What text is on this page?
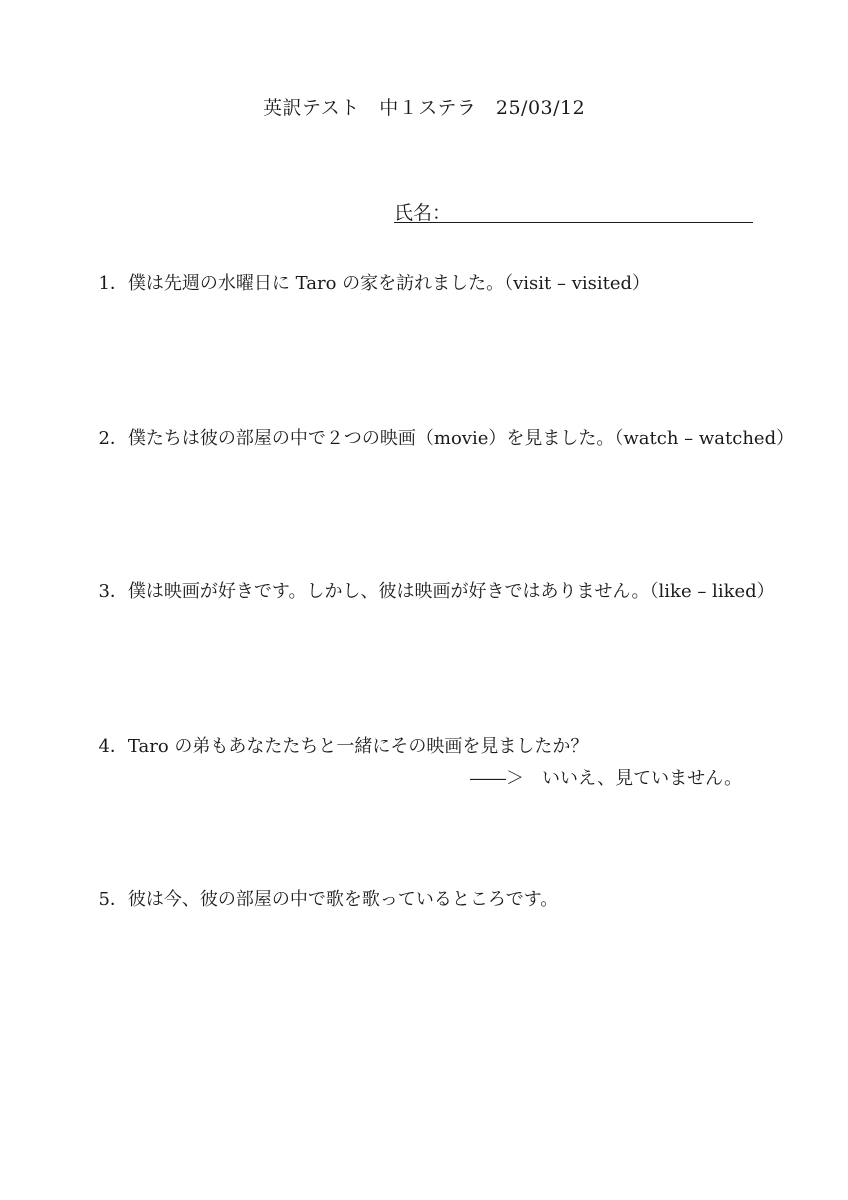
英訳テスト　中１ステラ　25/03/12
氏名：

1．僕は先週の水曜日に Taro の家を訪れました。（visit – visited）

2．僕たちは彼の部屋の中で２つの映画（movie）を見ました。（watch – watched）

3．僕は映画が好きです。しかし、彼は映画が好きではありません。（like – liked）

4．Taro の弟もあなたたちと一緒にその映画を見ましたか？

――＞　いいえ、見ていません。

5．彼は今、彼の部屋の中で歌を歌っているところです。
